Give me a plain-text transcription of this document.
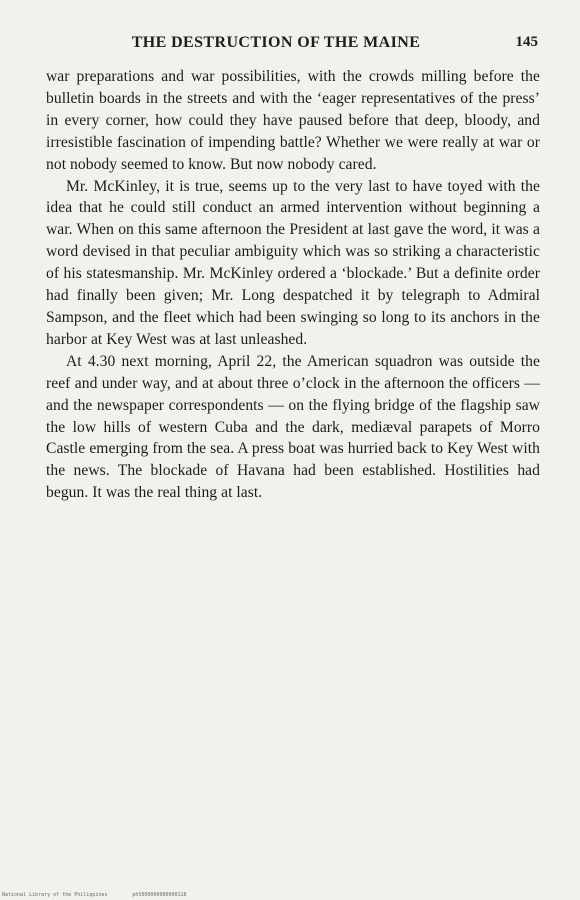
THE DESTRUCTION OF THE MAINE	145

war preparations and war possibilities, with the crowds milling before the bulletin boards in the streets and with the ‘eager representatives of the press’ in every corner, how could they have paused before that deep, bloody, and irresistible fascination of impending battle? Whether we were really at war or not nobody seemed to know. But now nobody cared.

Mr. McKinley, it is true, seems up to the very last to have toyed with the idea that he could still conduct an armed intervention without beginning a war. When on this same afternoon the President at last gave the word, it was a word devised in that peculiar ambiguity which was so striking a characteristic of his statesmanship. Mr. McKinley ordered a ‘blockade.’ But a definite order had finally been given; Mr. Long despatched it by telegraph to Admiral Sampson, and the fleet which had been swinging so long to its anchors in the harbor at Key West was at last unleashed.

At 4.30 next morning, April 22, the American squadron was outside the reef and under way, and at about three o’clock in the afternoon the officers — and the newspaper correspondents — on the flying bridge of the flagship saw the low hills of western Cuba and the dark, mediæval parapets of Morro Castle emerging from the sea. A press boat was hurried back to Key West with the news. The blockade of Havana had been established. Hostilities had begun. It was the real thing at last.

National Library of the Philippines	ph5000000000000118
